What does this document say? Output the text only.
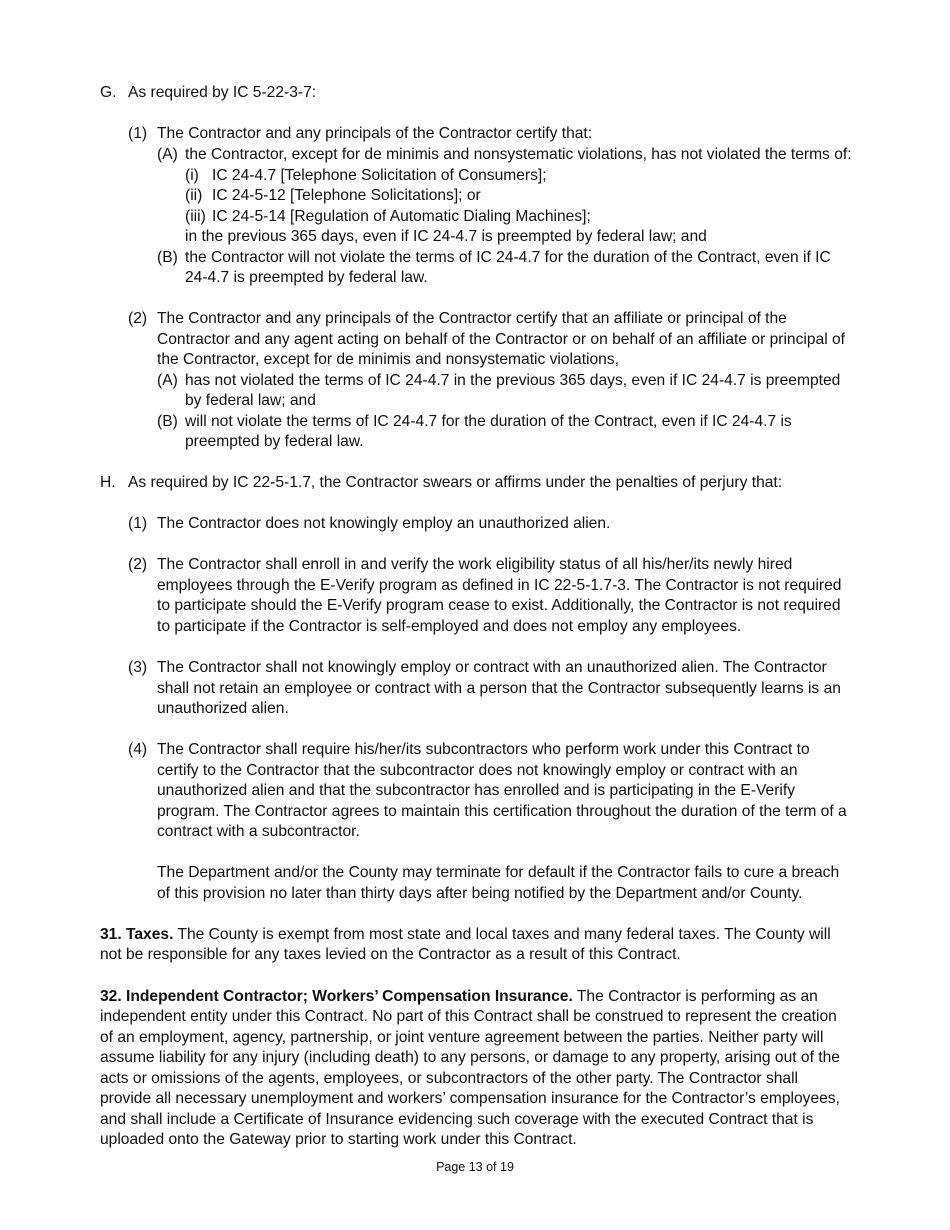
G. As required by IC 5-22-3-7:
(1) The Contractor and any principals of the Contractor certify that:
(A) the Contractor, except for de minimis and nonsystematic violations, has not violated the terms of:
(i) IC 24-4.7 [Telephone Solicitation of Consumers];
(ii) IC 24-5-12 [Telephone Solicitations]; or
(iii) IC 24-5-14 [Regulation of Automatic Dialing Machines];
in the previous 365 days, even if IC 24-4.7 is preempted by federal law; and
(B) the Contractor will not violate the terms of IC 24-4.7 for the duration of the Contract, even if IC
24-4.7 is preempted by federal law.
(2) The Contractor and any principals of the Contractor certify that an affiliate or principal of the
Contractor and any agent acting on behalf of the Contractor or on behalf of an affiliate or principal of
the Contractor, except for de minimis and nonsystematic violations,
(A) has not violated the terms of IC 24-4.7 in the previous 365 days, even if IC 24-4.7 is preempted
by federal law; and
(B) will not violate the terms of IC 24-4.7 for the duration of the Contract, even if IC 24-4.7 is
preempted by federal law.
H. As required by IC 22-5-1.7, the Contractor swears or affirms under the penalties of perjury that:
(1) The Contractor does not knowingly employ an unauthorized alien.
(2) The Contractor shall enroll in and verify the work eligibility status of all his/her/its newly hired
employees through the E-Verify program as defined in IC 22-5-1.7-3. The Contractor is not required
to participate should the E-Verify program cease to exist. Additionally, the Contractor is not required
to participate if the Contractor is self-employed and does not employ any employees.
(3) The Contractor shall not knowingly employ or contract with an unauthorized alien. The Contractor
shall not retain an employee or contract with a person that the Contractor subsequently learns is an
unauthorized alien.
(4) The Contractor shall require his/her/its subcontractors who perform work under this Contract to
certify to the Contractor that the subcontractor does not knowingly employ or contract with an
unauthorized alien and that the subcontractor has enrolled and is participating in the E-Verify
program. The Contractor agrees to maintain this certification throughout the duration of the term of a
contract with a subcontractor.
The Department and/or the County may terminate for default if the Contractor fails to cure a breach
of this provision no later than thirty days after being notified by the Department and/or County.
31. Taxes. The County is exempt from most state and local taxes and many federal taxes. The County will
not be responsible for any taxes levied on the Contractor as a result of this Contract.
32. Independent Contractor; Workers’ Compensation Insurance. The Contractor is performing as an
independent entity under this Contract. No part of this Contract shall be construed to represent the creation
of an employment, agency, partnership, or joint venture agreement between the parties. Neither party will
assume liability for any injury (including death) to any persons, or damage to any property, arising out of the
acts or omissions of the agents, employees, or subcontractors of the other party. The Contractor shall
provide all necessary unemployment and workers’ compensation insurance for the Contractor’s employees,
and shall include a Certificate of Insurance evidencing such coverage with the executed Contract that is
uploaded onto the Gateway prior to starting work under this Contract.
Page 13 of 19
